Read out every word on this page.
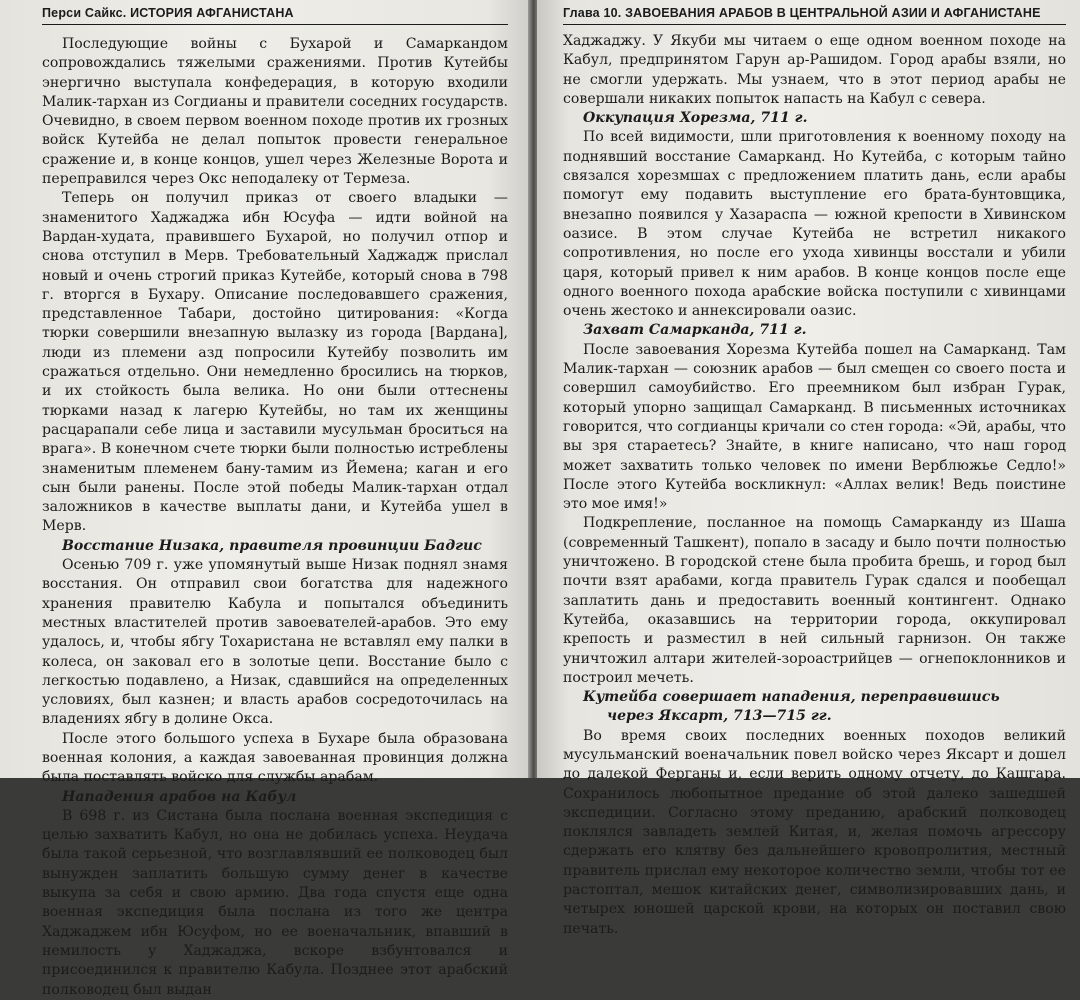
Перси Сайкс. ИСТОРИЯ АФГАНИСТАНА

Последующие войны с Бухарой и Самаркандом сопровождались тяжелыми сражениями. Против Кутейбы энергично выступала конфедерация, в которую входили Малик-тархан из Согдианы и правители соседних государств. Очевидно, в своем первом военном походе против их грозных войск Кутейба не делал попыток провести генеральное сражение и, в конце концов, ушел через Железные Ворота и переправился через Окс неподалеку от Термеза.

Теперь он получил приказ от своего владыки — знаменитого Хаджаджа ибн Юсуфа — идти войной на Вардан-худата, правившего Бухарой, но получил отпор и снова отступил в Мерв. Требовательный Хаджадж прислал новый и очень строгий приказ Кутейбе, который снова в 798 г. вторгся в Бухару. Описание последовавшего сражения, представленное Табари, достойно цитирования: «Когда тюрки совершили внезапную вылазку из города [Вардана], люди из племени азд попросили Кутейбу позволить им сражаться отдельно. Они немедленно бросились на тюрков, и их стойкость была велика. Но они были оттеснены тюрками назад к лагерю Кутейбы, но там их женщины расцарапали себе лица и заставили мусульман броситься на врага». В конечном счете тюрки были полностью истреблены знаменитым племенем бану-тамим из Йемена; каган и его сын были ранены. После этой победы Малик-тархан отдал заложников в качестве выплаты дани, и Кутейба ушел в Мерв.

Восстание Низака, правителя провинции Бадгис

Осенью 709 г. уже упомянутый выше Низак поднял знамя восстания. Он отправил свои богатства для надежного хранения правителю Кабула и попытался объединить местных властителей против завоевателей-арабов. Это ему удалось, и, чтобы ябгу Тохаристана не вставлял ему палки в колеса, он заковал его в золотые цепи. Восстание было с легкостью подавлено, а Низак, сдавшийся на определенных условиях, был казнен; и власть арабов сосредоточилась на владениях ябгу в долине Окса.

После этого большого успеха в Бухаре была образована военная колония, а каждая завоеванная провинция должна была поставлять войско для службы арабам.

Нападения арабов на Кабул

В 698 г. из Систана была послана военная экспедиция с целью захватить Кабул, но она не добилась успеха. Неудача была такой серьезной, что возглавлявший ее полководец был вынужден заплатить большую сумму денег в качестве выкупа за себя и свою армию. Два года спустя еще одна военная экспедиция была послана из того же центра Хаджаджем ибн Юсуфом, но ее военачальник, впавший в немилость у Хаджаджа, вскоре взбунтовался и присоединился к правителю Кабула. Позднее этот арабский полководец был выдан

Глава 10. ЗАВОЕВАНИЯ АРАБОВ В ЦЕНТРАЛЬНОЙ АЗИИ И АФГАНИСТАНЕ

Хаджаджу. У Якуби мы читаем о еще одном военном походе на Кабул, предпринятом Гарун ар-Рашидом. Город арабы взяли, но не смогли удержать. Мы узнаем, что в этот период арабы не совершали никаких попыток напасть на Кабул с севера.

Оккупация Хорезма, 711 г.

По всей видимости, шли приготовления к военному походу на поднявший восстание Самарканд. Но Кутейба, с которым тайно связался хорезмшах с предложением платить дань, если арабы помогут ему подавить выступление его брата-бунтовщика, внезапно появился у Хазараспа — южной крепости в Хивинском оазисе. В этом случае Кутейба не встретил никакого сопротивления, но после его ухода хивинцы восстали и убили царя, который привел к ним арабов. В конце концов после еще одного военного похода арабские войска поступили с хивинцами очень жестоко и аннексировали оазис.

Захват Самарканда, 711 г.

После завоевания Хорезма Кутейба пошел на Самарканд. Там Малик-тархан — союзник арабов — был смещен со своего поста и совершил самоубийство. Его преемником был избран Гурак, который упорно защищал Самарканд. В письменных источниках говорится, что согдианцы кричали со стен города: «Эй, арабы, что вы зря стараетесь? Знайте, в книге написано, что наш город может захватить только человек по имени Верблюжье Седло!» После этого Кутейба воскликнул: «Аллах велик! Ведь поистине это мое имя!»

Подкрепление, посланное на помощь Самарканду из Шаша (современный Ташкент), попало в засаду и было почти полностью уничтожено. В городской стене была пробита брешь, и город был почти взят арабами, когда правитель Гурак сдался и пообещал заплатить дань и предоставить военный контингент. Однако Кутейба, оказавшись на территории города, оккупировал крепость и разместил в ней сильный гарнизон. Он также уничтожил алтари жителей-зороастрийцев — огнепоклонников и построил мечеть.

Кутейба совершает нападения, переправившись

через Яксарт, 713—715 гг.

Во время своих последних военных походов великий мусульманский военачальник повел войско через Яксарт и дошел до далекой Ферганы и, если верить одному отчету, до Кашгара. Сохранилось любопытное предание об этой далеко зашедшей экспедиции. Согласно этому преданию, арабский полководец поклялся завладеть землей Китая, и, желая помочь агрессору сдержать его клятву без дальнейшего кровопролития, местный правитель прислал ему некоторое количество земли, чтобы тот ее растоптал, мешок китайских денег, символизировавших дань, и четырех юношей царской крови, на которых он поставил свою печать.
